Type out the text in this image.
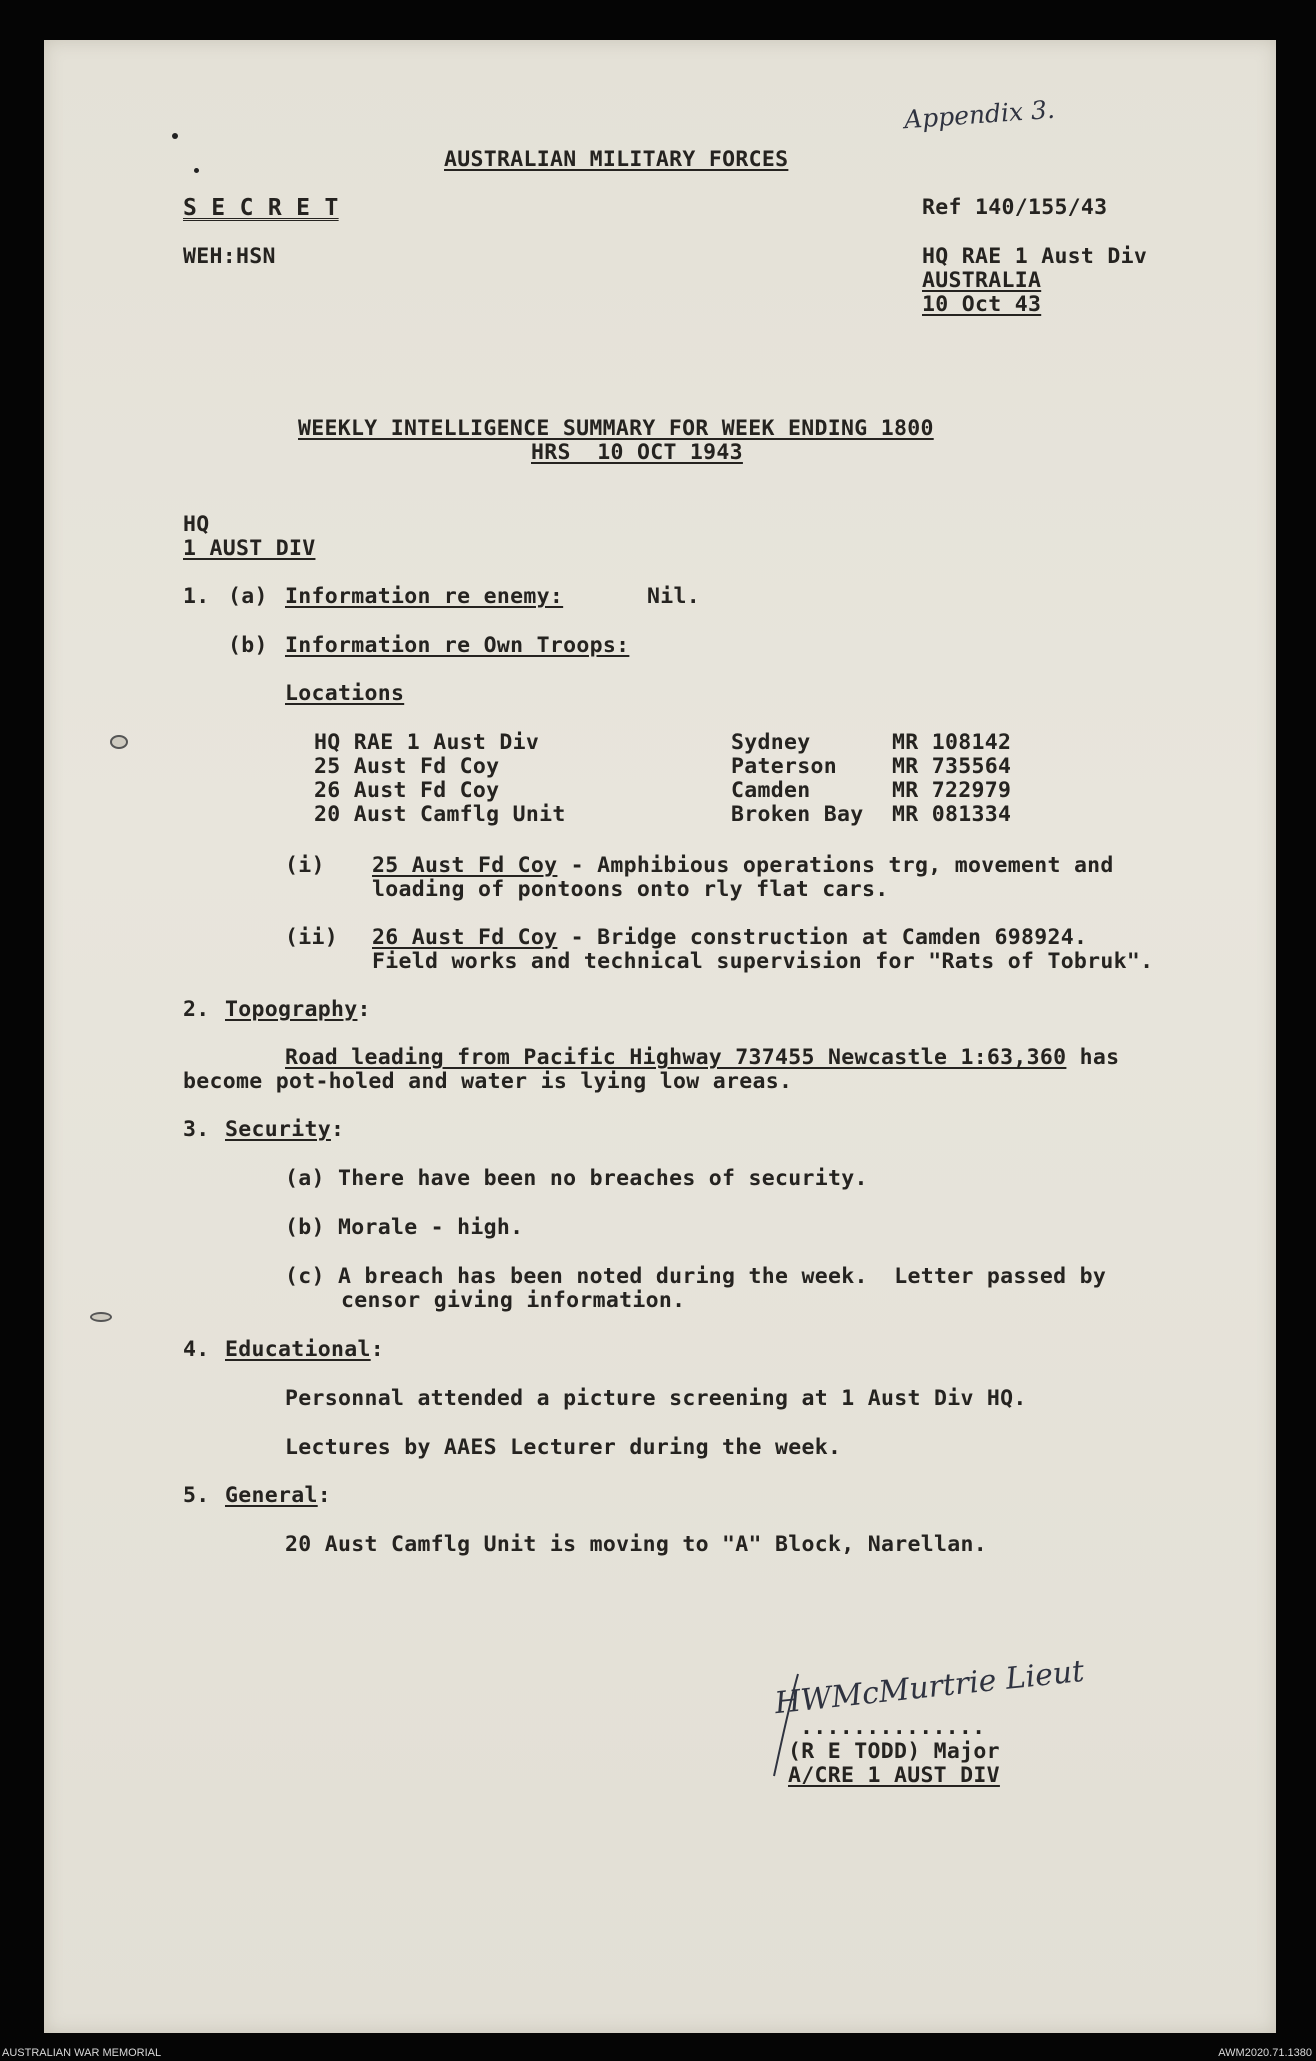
Appendix 3.
AUSTRALIAN MILITARY FORCES
S E C R E T
WEH:HSN
Ref 140/155/43
HQ RAE 1 Aust Div
AUSTRALIA
10 Oct 43
WEEKLY INTELLIGENCE SUMMARY FOR WEEK ENDING 1800
HRS  10 OCT 1943
HQ
1 AUST DIV
1. (a) Information re enemy:	Nil.
(b) Information re Own Troops:
Locations
HQ RAE 1 Aust Div	Sydney	MR 108142
25 Aust Fd Coy	Paterson	MR 735564
26 Aust Fd Coy	Camden	MR 722979
20 Aust Camflg Unit	Broken Bay MR 081334
(i) 25 Aust Fd Coy - Amphibious operations trg, movement and
loading of pontoons onto rly flat cars.
(ii) 26 Aust Fd Coy - Bridge construction at Camden 698924.
Field works and technical supervision for "Rats of Tobruk".
2. Topography:
Road leading from Pacific Highway 737455 Newcastle 1:63,360 has
become pot-holed and water is lying low areas.
3. Security:
(a) There have been no breaches of security.
(b) Morale - high.
(c) A breach has been noted during the week.  Letter passed by
censor giving information.
4. Educational:
Personnal attended a picture screening at 1 Aust Div HQ.
Lectures by AAES Lecturer during the week.
5. General:
20 Aust Camflg Unit is moving to "A" Block, Narellan.
HWMcMurtrie Lieut
..............
(R E TODD) Major
A/CRE 1 AUST DIV
AUSTRALIAN WAR MEMORIAL	AWM2020.71.1380
